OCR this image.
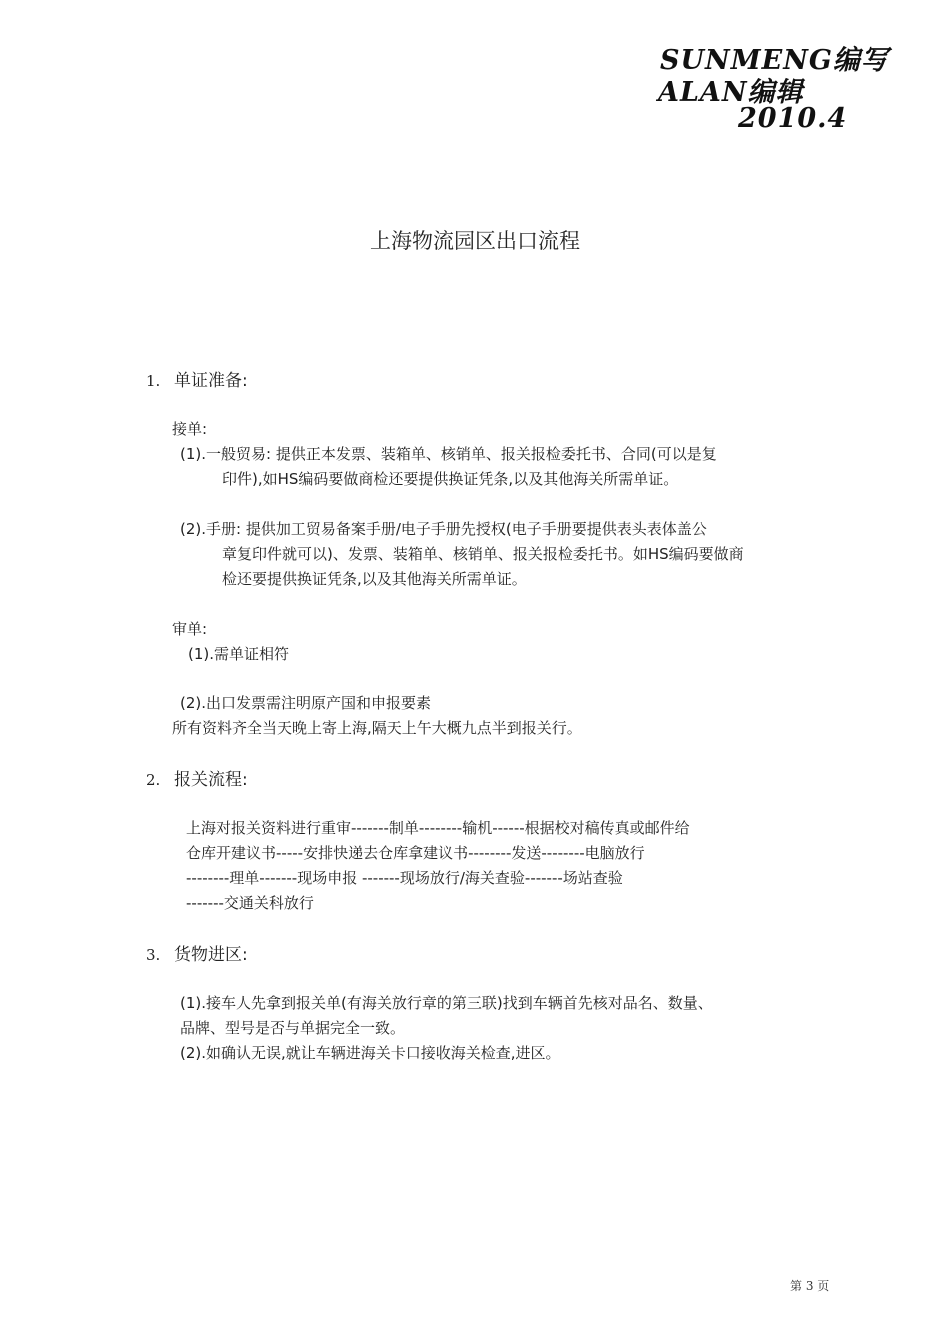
SUNMENG编写
ALAN编辑
2010.4
上海物流园区出口流程
1. 单证准备:
接单:
(1).一般贸易: 提供正本发票、装箱单、核销单、报关报检委托书、合同(可以是复
印件),如HS编码要做商检还要提供换证凭条,以及其他海关所需单证。
(2).手册: 提供加工贸易备案手册/电子手册先授权(电子手册要提供表头表体盖公
章复印件就可以)、发票、装箱单、核销单、报关报检委托书。如HS编码要做商
检还要提供换证凭条,以及其他海关所需单证。
审单:
(1).需单证相符
(2).出口发票需注明原产国和申报要素
所有资料齐全当天晚上寄上海,隔天上午大概九点半到报关行。
2. 报关流程:
上海对报关资料进行重审-------制单--------输机------根据校对稿传真或邮件给
仓库开建议书-----安排快递去仓库拿建议书--------发送--------电脑放行
--------理单-------现场申报 -------现场放行/海关查验-------场站查验
-------交通关科放行
3. 货物进区:
(1).接车人先拿到报关单(有海关放行章的第三联)找到车辆首先核对品名、数量、
品牌、型号是否与单据完全一致。
(2).如确认无误,就让车辆进海关卡口接收海关检查,进区。
第 3 页
